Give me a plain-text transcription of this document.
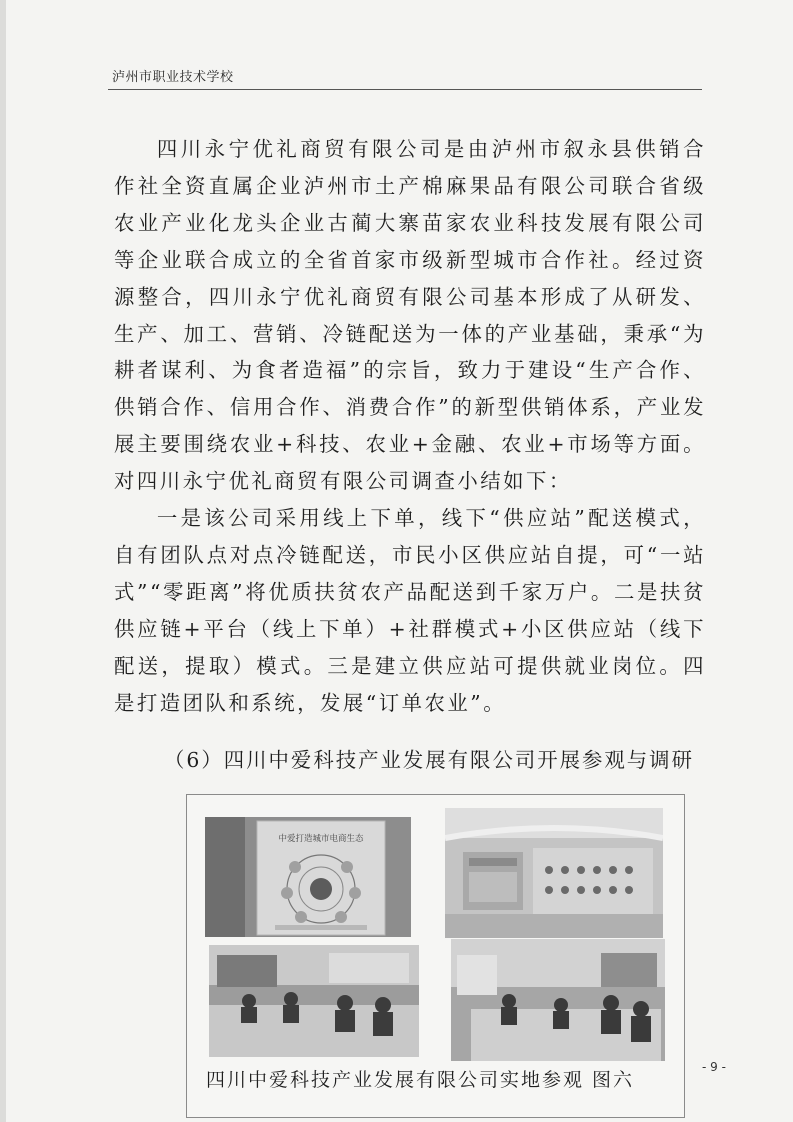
泸州市职业技术学校

四川永宁优礼商贸有限公司是由泸州市叙永县供销合作社全资直属企业泸州市土产棉麻果品有限公司联合省级农业产业化龙头企业古蔺大寨苗家农业科技发展有限公司等企业联合成立的全省首家市级新型城市合作社。经过资源整合，四川永宁优礼商贸有限公司基本形成了从研发、生产、加工、营销、冷链配送为一体的产业基础，秉承“为耕者谋利、为食者造福”的宗旨，致力于建设“生产合作、供销合作、信用合作、消费合作”的新型供销体系，产业发展主要围绕农业+科技、农业+金融、农业+市场等方面。对四川永宁优礼商贸有限公司调查小结如下：

一是该公司采用线上下单，线下“供应站”配送模式，自有团队点对点冷链配送，市民小区供应站自提，可“一站式”“零距离”将优质扶贫农产品配送到千家万户。二是扶贫供应链+平台（线上下单）+社群模式+小区供应站（线下配送，提取）模式。三是建立供应站可提供就业岗位。四是打造团队和系统，发展“订单农业”。

（6）四川中爱科技产业发展有限公司开展参观与调研
中爱打造城市电商生态
四川中爱科技产业发展有限公司实地参观 图六
- 9 -
